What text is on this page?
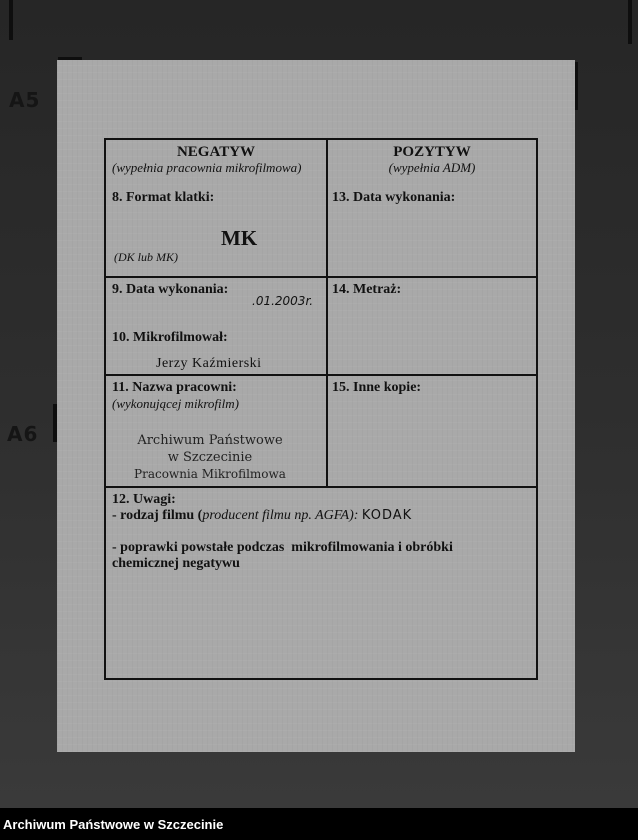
A5
A6
NEGATYW
(wypełnia pracownia mikrofilmowa)
8. Format klatki:
MK
(DK lub MK)
POZYTYW
(wypełnia ADM)
13. Data wykonania:
9. Data wykonania:
.01.2003r.
10. Mikrofilmował:
Jerzy Kaźmierski
14. Metraż:
11. Nazwa pracowni:
(wykonującej mikrofilm)
Archiwum Państwowe
w Szczecinie
Pracownia Mikrofilmowa
15. Inne kopie:
12. Uwagi:
- rodzaj filmu (producent filmu np. AGFA): KODAK
- poprawki powstałe podczas  mikrofilmowania i obróbki
chemicznej negatywu
Archiwum Państwowe w Szczecinie
